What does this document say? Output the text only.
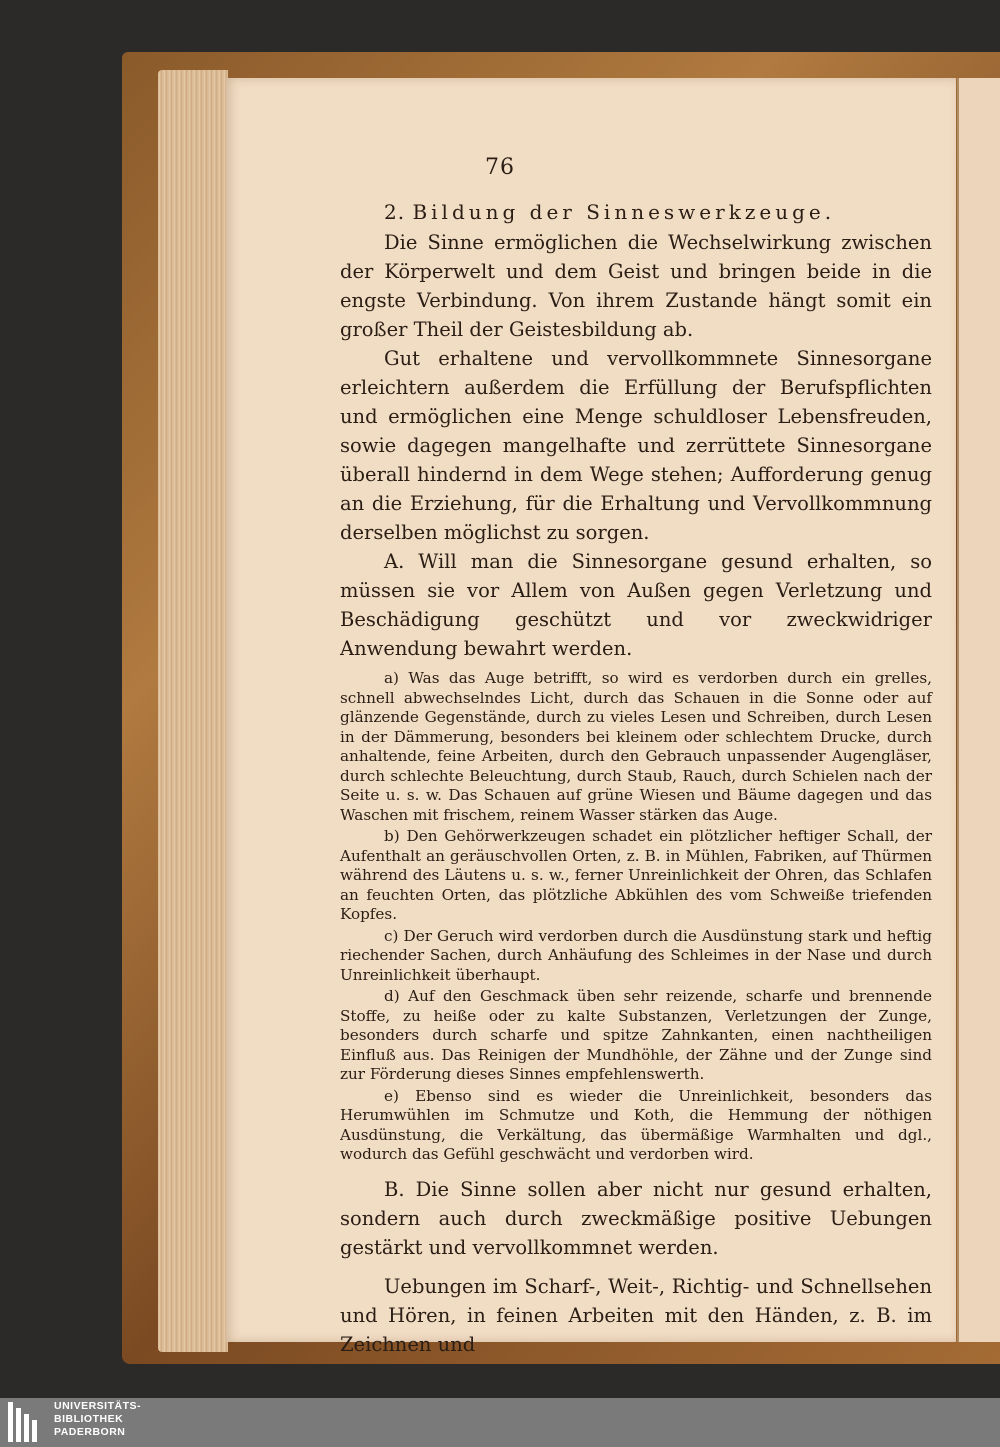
76
2. Bildung der Sinneswerkzeuge.

Die Sinne ermöglichen die Wechselwirkung zwischen der Körperwelt und dem Geist und bringen beide in die engste Verbindung. Von ihrem Zustande hängt somit ein großer Theil der Geistesbildung ab.

Gut erhaltene und vervollkommnete Sinnesorgane erleichtern außerdem die Erfüllung der Berufspflichten und ermöglichen eine Menge schuldloser Lebensfreuden, sowie dagegen mangelhafte und zerrüttete Sinnesorgane überall hindernd in dem Wege stehen; Aufforderung genug an die Erziehung, für die Erhaltung und Vervollkommnung derselben möglichst zu sorgen.

A. Will man die Sinnesorgane gesund erhalten, so müssen sie vor Allem von Außen gegen Verletzung und Beschädigung geschützt und vor zweckwidriger Anwendung bewahrt werden.

a) Was das Auge betrifft, so wird es verdorben durch ein grelles, schnell abwechselndes Licht, durch das Schauen in die Sonne oder auf glänzende Gegenstände, durch zu vieles Lesen und Schreiben, durch Lesen in der Dämmerung, besonders bei kleinem oder schlechtem Drucke, durch anhaltende, feine Arbeiten, durch den Gebrauch unpassender Augengläser, durch schlechte Beleuchtung, durch Staub, Rauch, durch Schielen nach der Seite u. s. w. Das Schauen auf grüne Wiesen und Bäume dagegen und das Waschen mit frischem, reinem Wasser stärken das Auge.

b) Den Gehörwerkzeugen schadet ein plötzlicher heftiger Schall, der Aufenthalt an geräuschvollen Orten, z. B. in Mühlen, Fabriken, auf Thürmen während des Läutens u. s. w., ferner Unreinlichkeit der Ohren, das Schlafen an feuchten Orten, das plötzliche Abkühlen des vom Schweiße triefenden Kopfes.

c) Der Geruch wird verdorben durch die Ausdünstung stark und heftig riechender Sachen, durch Anhäufung des Schleimes in der Nase und durch Unreinlichkeit überhaupt.

d) Auf den Geschmack üben sehr reizende, scharfe und brennende Stoffe, zu heiße oder zu kalte Substanzen, Verletzungen der Zunge, besonders durch scharfe und spitze Zahnkanten, einen nachtheiligen Einfluß aus. Das Reinigen der Mundhöhle, der Zähne und der Zunge sind zur Förderung dieses Sinnes empfehlenswerth.

e) Ebenso sind es wieder die Unreinlichkeit, besonders das Herumwühlen im Schmutze und Koth, die Hemmung der nöthigen Ausdünstung, die Verkältung, das übermäßige Warmhalten und dgl., wodurch das Gefühl geschwächt und verdorben wird.

B. Die Sinne sollen aber nicht nur gesund erhalten, sondern auch durch zweckmäßige positive Uebungen gestärkt und vervollkommnet werden.

Uebungen im Scharf-, Weit-, Richtig- und Schnellsehen und Hören, in feinen Arbeiten mit den Händen, z. B. im Zeichnen und

UNIVERSITÄTS-
BIBLIOTHEK
PADERBORN
